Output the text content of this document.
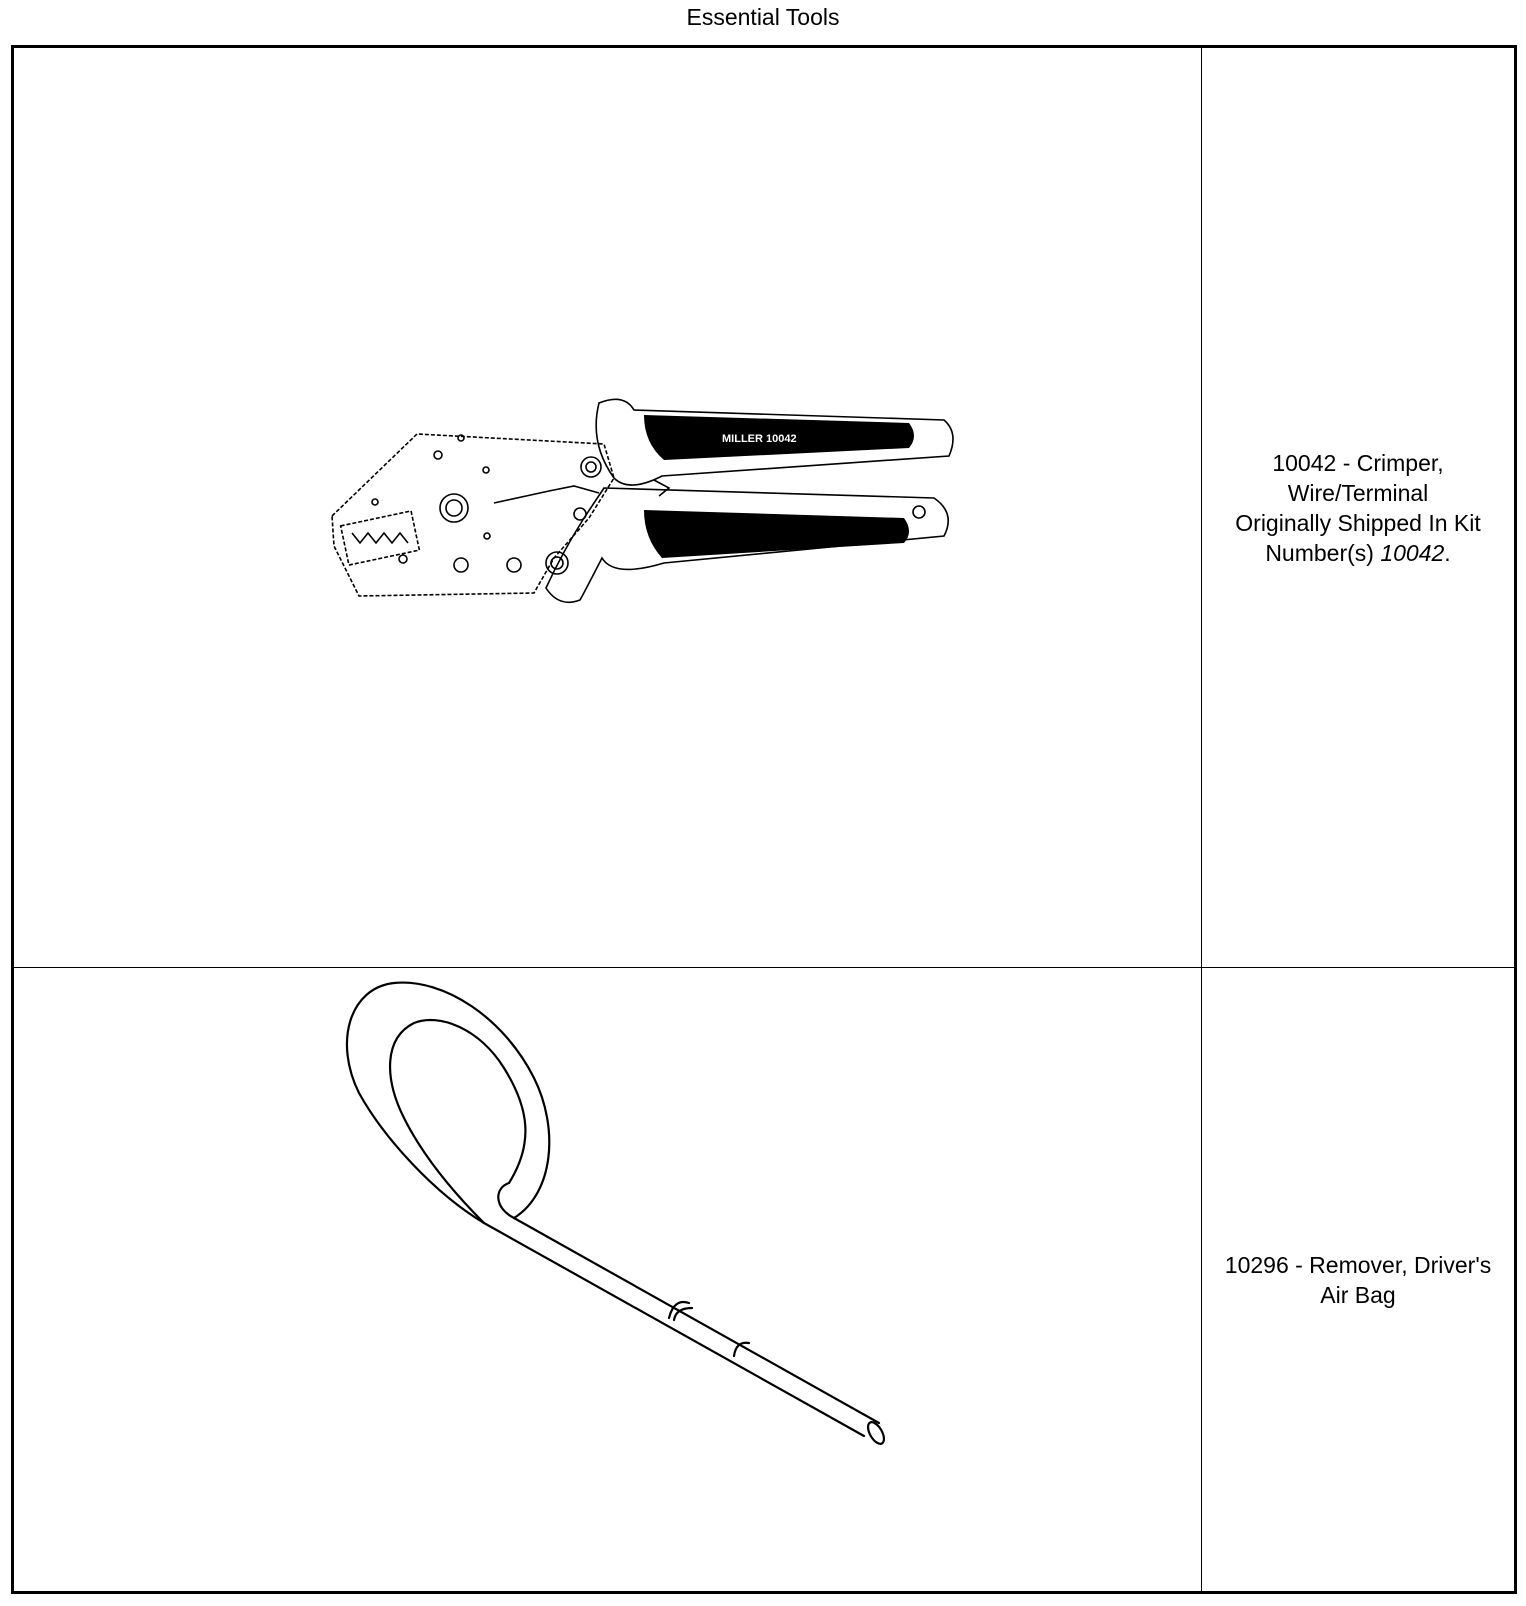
Essential Tools
MILLER 10042
10042 - Crimper,
Wire/Terminal
Originally Shipped In Kit
Number(s) 10042.
10296 - Remover, Driver's
Air Bag
